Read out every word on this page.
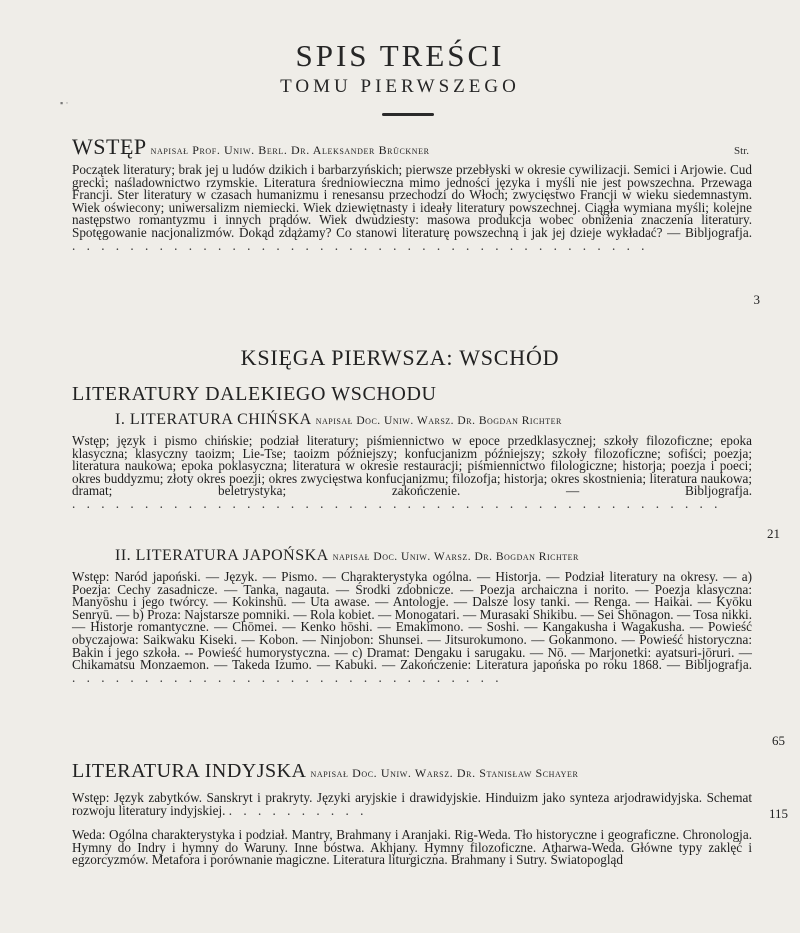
▪ ·
SPIS TREŚCI
TOMU PIERWSZEGO
Str.
WSTĘP napisał Prof. Uniw. Berl. Dr. Aleksander Brückner
Początek literatury; brak jej u ludów dzikich i barbarzyńskich; pierwsze przebłyski w okresie cywilizacji. Semici i Arjowie. Cud grecki; naśladownictwo rzymskie. Literatura średniowieczna mimo jedności języka i myśli nie jest powszechna. Przewaga Francji. Ster literatury w czasach humanizmu i renesansu przechodzi do Włoch; zwycięstwo Francji w wieku siedemnastym. Wiek oświecony; uniwersalizm niemiecki. Wiek dziewiętnasty i ideały literatury powszechnej. Ciągła wymiana myśli; kolejne następstwo romantyzmu i innych prądów. Wiek dwudziesty: masowa produkcja wobec obniżenia znaczenia literatury. Spotęgowanie nacjonalizmów. Dokąd zdążamy? Co stanowi literaturę powszechną i jak jej dzieje wykładać? — Bibljografja. . . . . . . . . . . . . . . . . . . . . . . . . . . . . . . . . . . . . . . . .
3
KSIĘGA PIERWSZA: WSCHÓD
LITERATURY DALEKIEGO WSCHODU
I. LITERATURA CHIŃSKA napisał Doc. Uniw. Warsz. Dr. Bogdan Richter
Wstęp; język i pismo chińskie; podział literatury; piśmiennictwo w epoce przedklasycznej; szkoły filozoficzne; epoka klasyczna; klasyczny taoizm; Lie-Tse; taoizm późniejszy; konfucjanizm późniejszy; szkoły filozoficzne; sofiści; poezja; literatura naukowa; epoka poklasyczna; literatura w okresie restauracji; piśmiennictwo filologiczne; historja; poezja i poeci; okres buddyzmu; złoty okres poezji; okres zwycięstwa konfucjanizmu; filozofja; historja; okres skostnienia; literatura naukowa; dramat; beletrystyka; zakończenie. — Bibljografja. . . . . . . . . . . . . . . . . . . . . . . . . . . . . . . . . . . . . . . . . . . . . .
21
II. LITERATURA JAPOŃSKA napisał Doc. Uniw. Warsz. Dr. Bogdan Richter
Wstęp: Naród japoński. — Język. — Pismo. — Charakterystyka ogólna. — Historja. — Podział literatury na okresy. — a) Poezja: Cechy zasadnicze. — Tanka, nagauta. — Środki zdobnicze. — Poezja archaiczna i norito. — Poezja klasyczna: Manyōshu i jego twórcy. — Kokinshū. — Uta awase. — Antologje. — Dalsze losy tanki. — Renga. — Haikai. — Kyōku Senryū. — b) Proza: Najstarsze pomniki. — Rola kobiet. — Monogatari. — Murasaki Shikibu. — Sei Shōnagon. — Tosa nikki. — Historje romantyczne. — Chōmei. — Kenko hōshi. — Emakimono. — Soshi. — Kangakusha i Wagakusha. — Powieść obyczajowa: Saikwaku Kiseki. — Kobon. — Ninjobon: Shunsei. — Jitsurokumono. — Gokanmono. — Powieść historyczna: Bakin i jego szkoła. -- Powieść humorystyczna. — c) Dramat: Dengaku i sarugaku. — Nō. — Marjonetki: ayatsuri-jōruri. — Chikamatsu Monzaemon. — Takeda Izumo. — Kabuki. — Zakończenie: Literatura japońska po roku 1868. — Bibljografja. . . . . . . . . . . . . . . . . . . . . . . . . . . . . . .
65
LITERATURA INDYJSKA napisał Doc. Uniw. Warsz. Dr. Stanisław Schayer
Wstęp: Język zabytków. Sanskryt i prakryty. Języki aryjskie i drawidyjskie. Hinduizm jako synteza arjodrawidyjska. Schemat rozwoju literatury indyjskiej. . . . . . . . . . .	115
Weda: Ogólna charakterystyka i podział. Mantry, Brahmany i Aranjaki. Rig-Weda. Tło historyczne i geograficzne. Chronologja. Hymny do Indry i hymny do Waruny. Inne bóstwa. Akhjany. Hymny filozoficzne. Atharwa-Weda. Główne typy zaklęć i egzorcyzmów. Metafora i porównanie magiczne. Literatura liturgiczna. Brahmany i Sutry. Światopogląd
